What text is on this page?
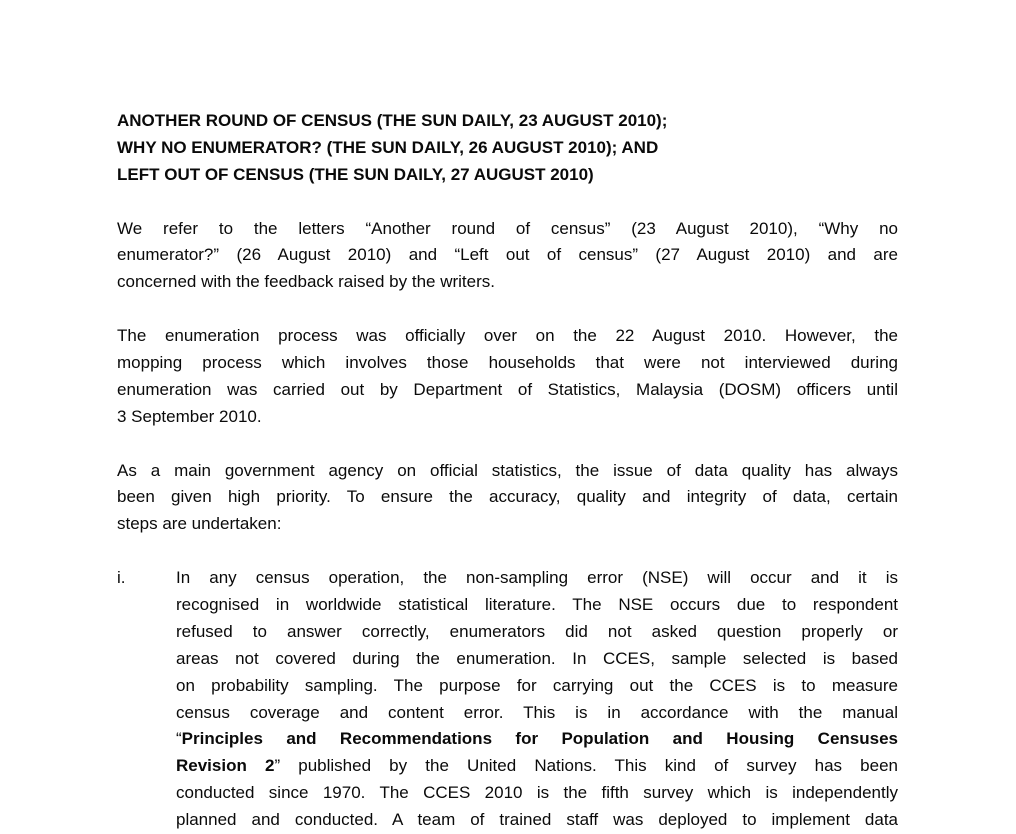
ANOTHER ROUND OF CENSUS (THE SUN DAILY, 23 AUGUST 2010);
WHY NO ENUMERATOR? (THE SUN DAILY, 26 AUGUST 2010); AND
LEFT OUT OF CENSUS (THE SUN DAILY, 27 AUGUST 2010)
We refer to the letters “Another round of census” (23 August 2010), “Why no
enumerator?” (26 August 2010) and “Left out of census” (27 August 2010) and are
concerned with the feedback raised by the writers.
The enumeration process was officially over on the 22 August 2010. However, the
mopping process which involves those households that were not interviewed during
enumeration was carried out by Department of Statistics, Malaysia (DOSM) officers until
3 September 2010.
As a main government agency on official statistics, the issue of data quality has always
been given high priority. To ensure the accuracy, quality and integrity of data, certain
steps are undertaken:
i.	In any census operation, the non-sampling error (NSE) will occur and it is
recognised in worldwide statistical literature. The NSE occurs due to respondent
refused to answer correctly, enumerators did not asked question properly or
areas not covered during the enumeration. In CCES, sample selected is based
on probability sampling. The purpose for carrying out the CCES is to measure
census coverage and content error. This is in accordance with the manual
“Principles and Recommendations for Population and Housing Censuses
Revision 2” published by the United Nations. This kind of survey has been
conducted since 1970. The CCES 2010 is the fifth survey which is independently
planned and conducted. A team of trained staff was deployed to implement data
